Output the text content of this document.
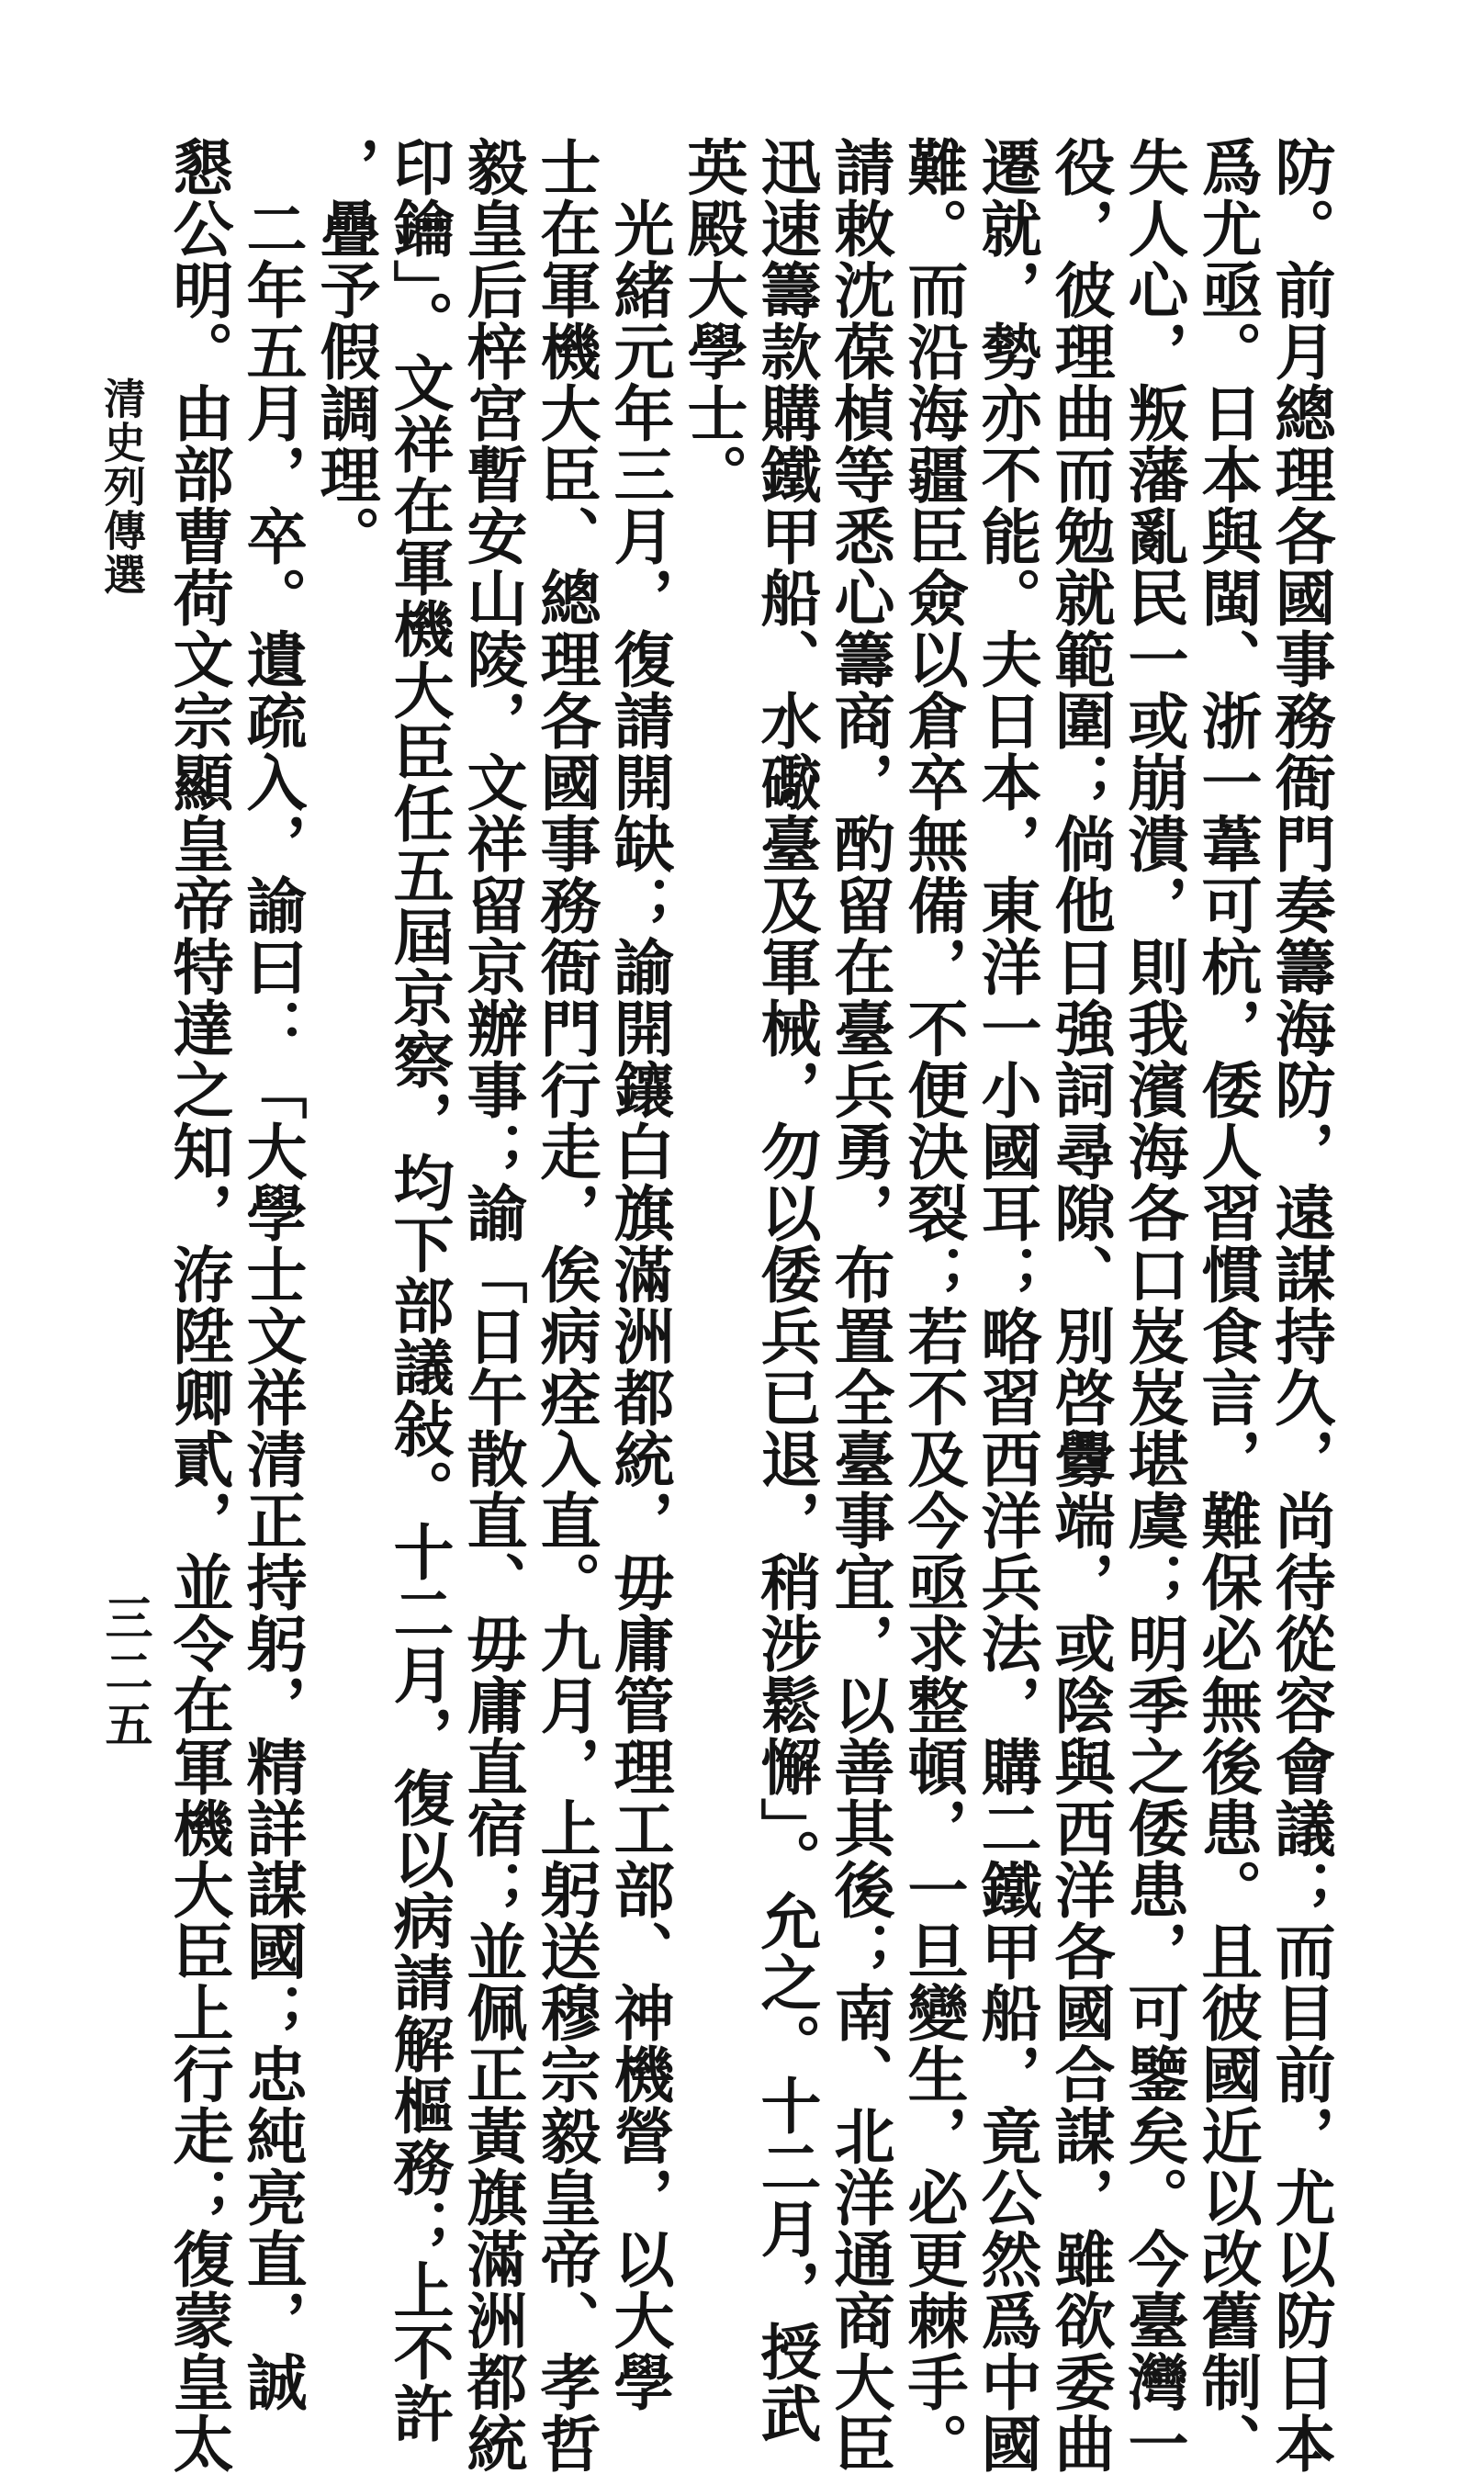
防。前月總理各國事務衙門奏籌海防，遠謀持久，尚待從容會議；而目前，尤以防日本
爲尤亟。日本與閩、浙一葦可杭，倭人習慣食言，難保必無後患。且彼國近以改舊制、
失人心，叛藩亂民一或崩潰，則我濱海各口岌岌堪虞；明季之倭患，可鑒矣。今臺灣一
役，彼理曲而勉就範圍；倘他日強詞尋隙、別啓釁端，或陰與西洋各國合謀，雖欲委曲
遷就，勢亦不能。夫日本，東洋一小國耳；略習西洋兵法，購二鐵甲船，竟公然爲中國
難。而沿海疆臣僉以倉卒無備，不便決裂；若不及今亟求整頓，一旦變生，必更棘手。
請敕沈葆楨等悉心籌商，酌留在臺兵勇，布置全臺事宜，以善其後；南、北洋通商大臣
迅速籌款購鐵甲船、水礮臺及軍械，勿以倭兵已退，稍涉鬆懈」。允之。十二月，授武
英殿大學士。
　光緒元年三月，復請開缺；諭開鑲白旗滿洲都統，毋庸管理工部、神機營，以大學
士在軍機大臣、總理各國事務衙門行走，俟病痊入直。九月，上躬送穆宗毅皇帝、孝哲
毅皇后梓宮暫安山陵，文祥留京辦事；諭「日午散直、毋庸直宿；並佩正黃旗滿洲都統
印鑰」。文祥在軍機大臣任五屆京察，均下部議敍。十二月，復以病請解樞務；上不許
，疊予假調理。
　二年五月，卒。遺疏入，諭曰：「大學士文祥清正持躬，精詳謀國；忠純亮直，誠
懇公明。由部曹荷文宗顯皇帝特達之知，洊陞卿貳，並令在軍機大臣上行走；復蒙皇太
清史列傳選
三二五
